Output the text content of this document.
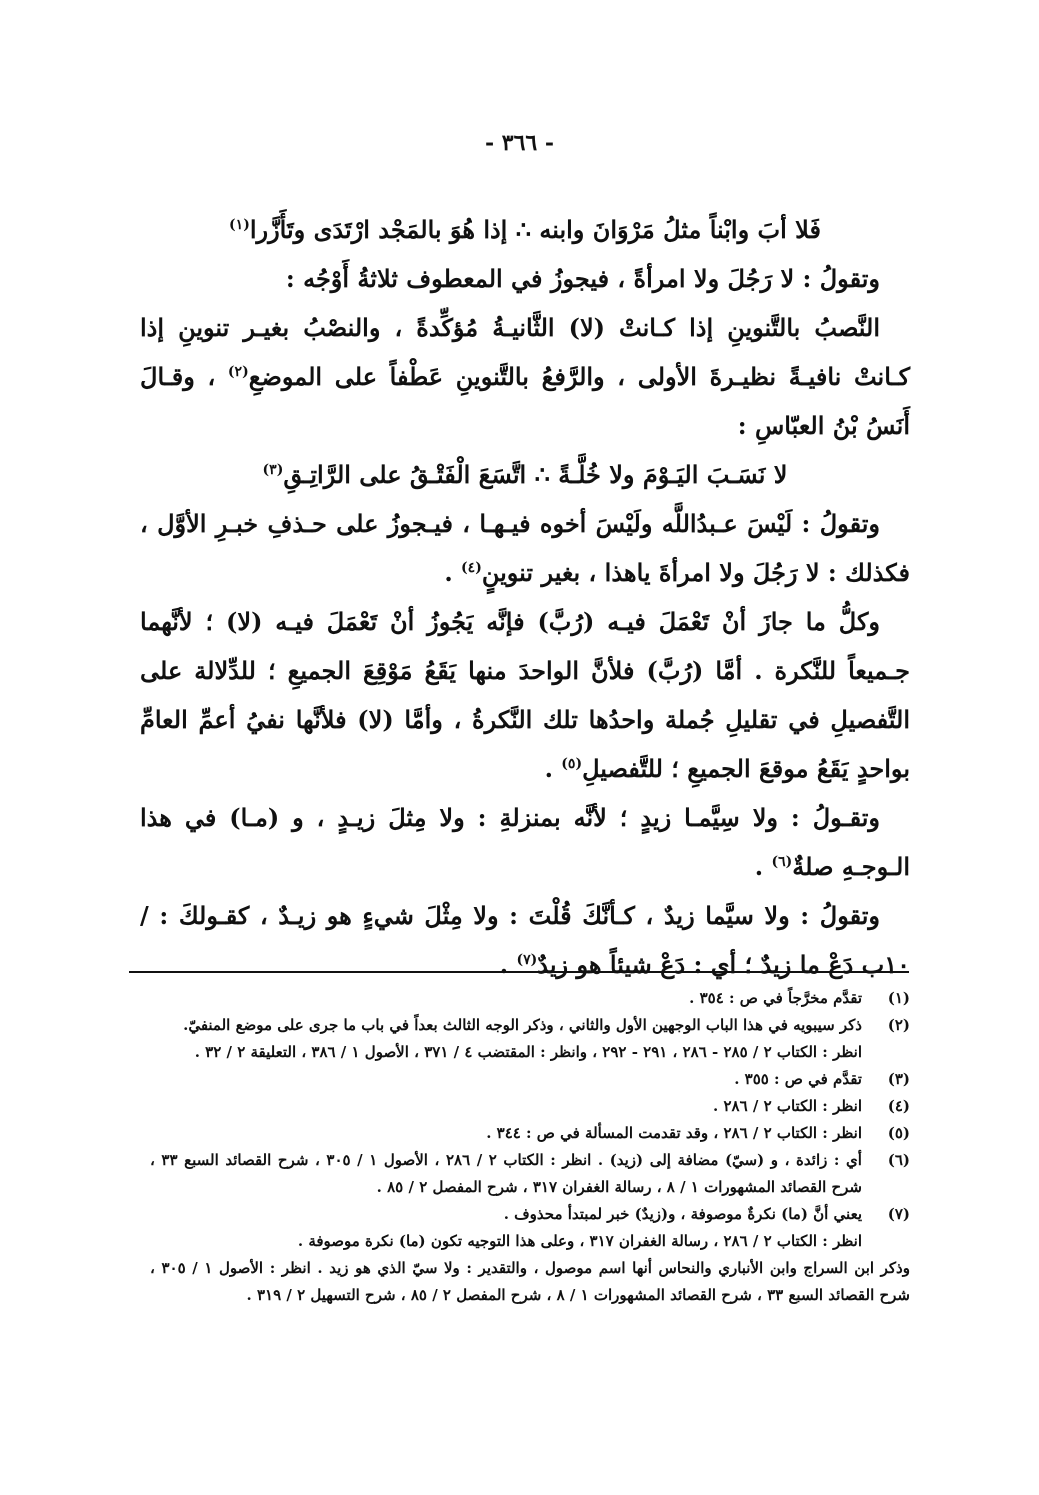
- ٣٦٦ -

فَلا أبَ وابْناً مثلُ مَرْوَانَ وابنه ∴ إذا هُوَ بالمَجْد ارْتَدَى وتَأَزَّرا$^{(١)}$

وتقولُ : لا رَجُلَ ولا امرأةً ، فيجوزُ في المعطوف ثلاثةُ أَوْجُه :

النَّصبُ بالتَّنوينِ إذا كـانتْ (لا) الثَّانيـةُ مُؤكِّدةً ، والنصْبُ بغيـر تنوينِ إذا كـانتْ نافيـةً نظيـرةَ الأولى ، والرَّفعُ بالتَّنوينِ عَطْفاً على الموضعِ$^{(٢)}$ ، وقـالَ أَنَسُ بْنُ العبّاسِ :

لا نَسَـبَ اليَـوْمَ ولا خُلَّـةً ∴ اتَّسَعَ الْفَتْـقُ على الرَّاتِـقِ$^{(٣)}$

وتقولُ : لَيْسَ عـبدُاللَّه ولَيْسَ أخوه فيـهـا ، فيـجوزُ على حـذفِ خبـرِ الأوَّل ، فكذلك : لا رَجُلَ ولا امرأةَ ياهذا ، بغير تنوينٍ$^{(٤)}$ .

وكلُّ ما جازَ أنْ تَعْمَلَ فيـه (رُبَّ) فإنَّه يَجُوزُ أنْ تَعْمَلَ فيـه (لا) ؛ لأنَّهما جـميعاً للنَّكرة . أمَّا (رُبَّ) فلأنَّ الواحدَ منها يَقَعُ مَوْقِعَ الجميعِ ؛ للدِّلالة على التَّفصيلِ في تقليلِ جُملة واحدُها تلك النَّكرةُ ، وأمَّا (لا) فلأنَّها نفيُ أعمِّ العامِّ بواحدٍ يَقَعُ موقعَ الجميعِ ؛ للتَّفصيلِ$^{(٥)}$ .

وتقـولُ : ولا سِيَّمـا زيدٍ ؛ لأنَّه بمنزلةِ : ولا مِثلَ زيـدٍ ، و (مـا) في هذا الـوجـهِ صلةٌ$^{(٦)}$ .

وتقولُ : ولا سيَّما زيدٌ ، كـأنَّكَ قُلْتَ : ولا مِثْلَ شيءٍ هو زيـدٌ ، كقـولكَ : / ١٠ب دَعْ ما زيدٌ ؛ أي : دَعْ شيئاً هو زيدٌ$^{(٧)}$ .

(١)
تقدَّم مخرَّجاً في ص : ٣٥٤ .
(٢)
ذكر سيبويه في هذا الباب الوجهين الأول والثاني ، وذكر الوجه الثالث بعداً في باب ما جرى على موضع المنفيّ.

انظر : الكتاب ٢ / ٢٨٥ - ٢٨٦ ، ٢٩١ - ٢٩٢ ، وانظر : المقتضب ٤ / ٣٧١ ، الأصول ١ / ٣٨٦ ، التعليقة ٢ / ٣٢ .

(٣)
تقدَّم في ص : ٣٥٥ .
(٤)
انظر : الكتاب ٢ / ٢٨٦ .
(٥)
انظر : الكتاب ٢ / ٢٨٦ ، وقد تقدمت المسألة في ص : ٣٤٤ .
(٦)
أي : زائدة ، و (سيّ) مضافة إلى (زيد) . انظر : الكتاب ٢ / ٢٨٦ ، الأصول ١ / ٣٠٥ ، شرح القصائد السبع ٣٣ ، شرح القصائد المشهورات ١ / ٨ ، رسالة الغفران ٣١٧ ، شرح المفصل ٢ / ٨٥ .
(٧)
يعني أنَّ (ما) نكرةٌ موصوفة ، و(زيدٌ) خبر لمبتدأ محذوف .

انظر : الكتاب ٢ / ٢٨٦ ، رسالة الغفران ٣١٧ ، وعلى هذا التوجيه تكون (ما) نكرة موصوفة .

وذكر ابن السراج وابن الأنباري والنحاس أنها اسم موصول ، والتقدير : ولا سيّ الذي هو زيد . انظر : الأصول ١ / ٣٠٥ ، شرح القصائد السبع ٣٣ ، شرح القصائد المشهورات ١ / ٨ ، شرح المفصل ٢ / ٨٥ ، شرح التسهيل ٢ / ٣١٩ .
